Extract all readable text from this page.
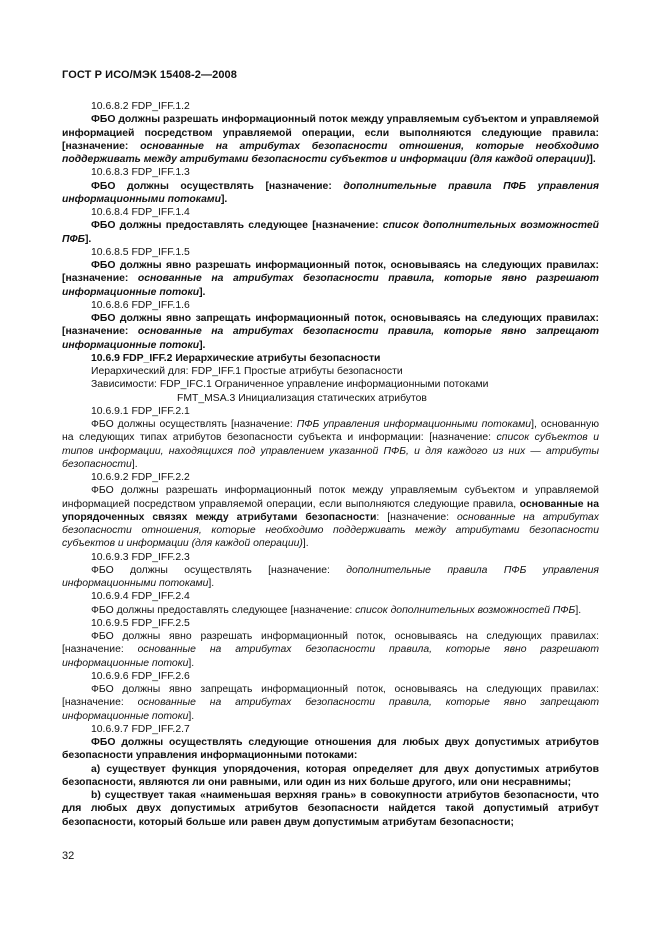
ГОСТ Р ИСО/МЭК 15408-2—2008
10.6.8.2 FDP_IFF.1.2
ФБО должны разрешать информационный поток между управляемым субъектом и управляемой информацией посредством управляемой операции, если выполняются следующие правила: [назначение: основанные на атрибутах безопасности отношения, которые необходимо поддерживать между атрибутами безопасности субъектов и информации (для каждой операции)].
10.6.8.3 FDP_IFF.1.3
ФБО должны осуществлять [назначение: дополнительные правила ПФБ управления информационными потоками].
10.6.8.4 FDP_IFF.1.4
ФБО должны предоставлять следующее [назначение: список дополнительных возможностей ПФБ].
10.6.8.5 FDP_IFF.1.5
ФБО должны явно разрешать информационный поток, основываясь на следующих правилах: [назначение: основанные на атрибутах безопасности правила, которые явно разрешают информационные потоки].
10.6.8.6 FDP_IFF.1.6
ФБО должны явно запрещать информационный поток, основываясь на следующих правилах: [назначение: основанные на атрибутах безопасности правила, которые явно запрещают информационные потоки].
10.6.9 FDP_IFF.2 Иерархические атрибуты безопасности
Иерархический для: FDP_IFF.1 Простые атрибуты безопасности
Зависимости: FDP_IFC.1 Ограниченное управление информационными потоками
FMT_MSA.3 Инициализация статических атрибутов
10.6.9.1 FDP_IFF.2.1
ФБО должны осуществлять [назначение: ПФБ управления информационными потоками], основанную на следующих типах атрибутов безопасности субъекта и информации: [назначение: список субъектов и типов информации, находящихся под управлением указанной ПФБ, и для каждого из них — атрибуты безопасности].
10.6.9.2 FDP_IFF.2.2
ФБО должны разрешать информационный поток между управляемым субъектом и управляемой информацией посредством управляемой операции, если выполняются следующие правила, основанные на упорядоченных связях между атрибутами безопасности: [назначение: основанные на атрибутах безопасности отношения, которые необходимо поддерживать между атрибутами безопасности субъектов и информации (для каждой операции)].
10.6.9.3 FDP_IFF.2.3
ФБО должны осуществлять [назначение: дополнительные правила ПФБ управления информационными потоками].
10.6.9.4 FDP_IFF.2.4
ФБО должны предоставлять следующее [назначение: список дополнительных возможностей ПФБ].
10.6.9.5 FDP_IFF.2.5
ФБО должны явно разрешать информационный поток, основываясь на следующих правилах: [назначение: основанные на атрибутах безопасности правила, которые явно разрешают информационные потоки].
10.6.9.6 FDP_IFF.2.6
ФБО должны явно запрещать информационный поток, основываясь на следующих правилах: [назначение: основанные на атрибутах безопасности правила, которые явно запрещают информационные потоки].
10.6.9.7 FDP_IFF.2.7
ФБО должны осуществлять следующие отношения для любых двух допустимых атрибутов безопасности управления информационными потоками:
а) существует функция упорядочения, которая определяет для двух допустимых атрибутов безопасности, являются ли они равными, или один из них больше другого, или они несравнимы;
b) существует такая «наименьшая верхняя грань» в совокупности атрибутов безопасности, что для любых двух допустимых атрибутов безопасности найдется такой допустимый атрибут безопасности, который больше или равен двум допустимым атрибутам безопасности;
32
